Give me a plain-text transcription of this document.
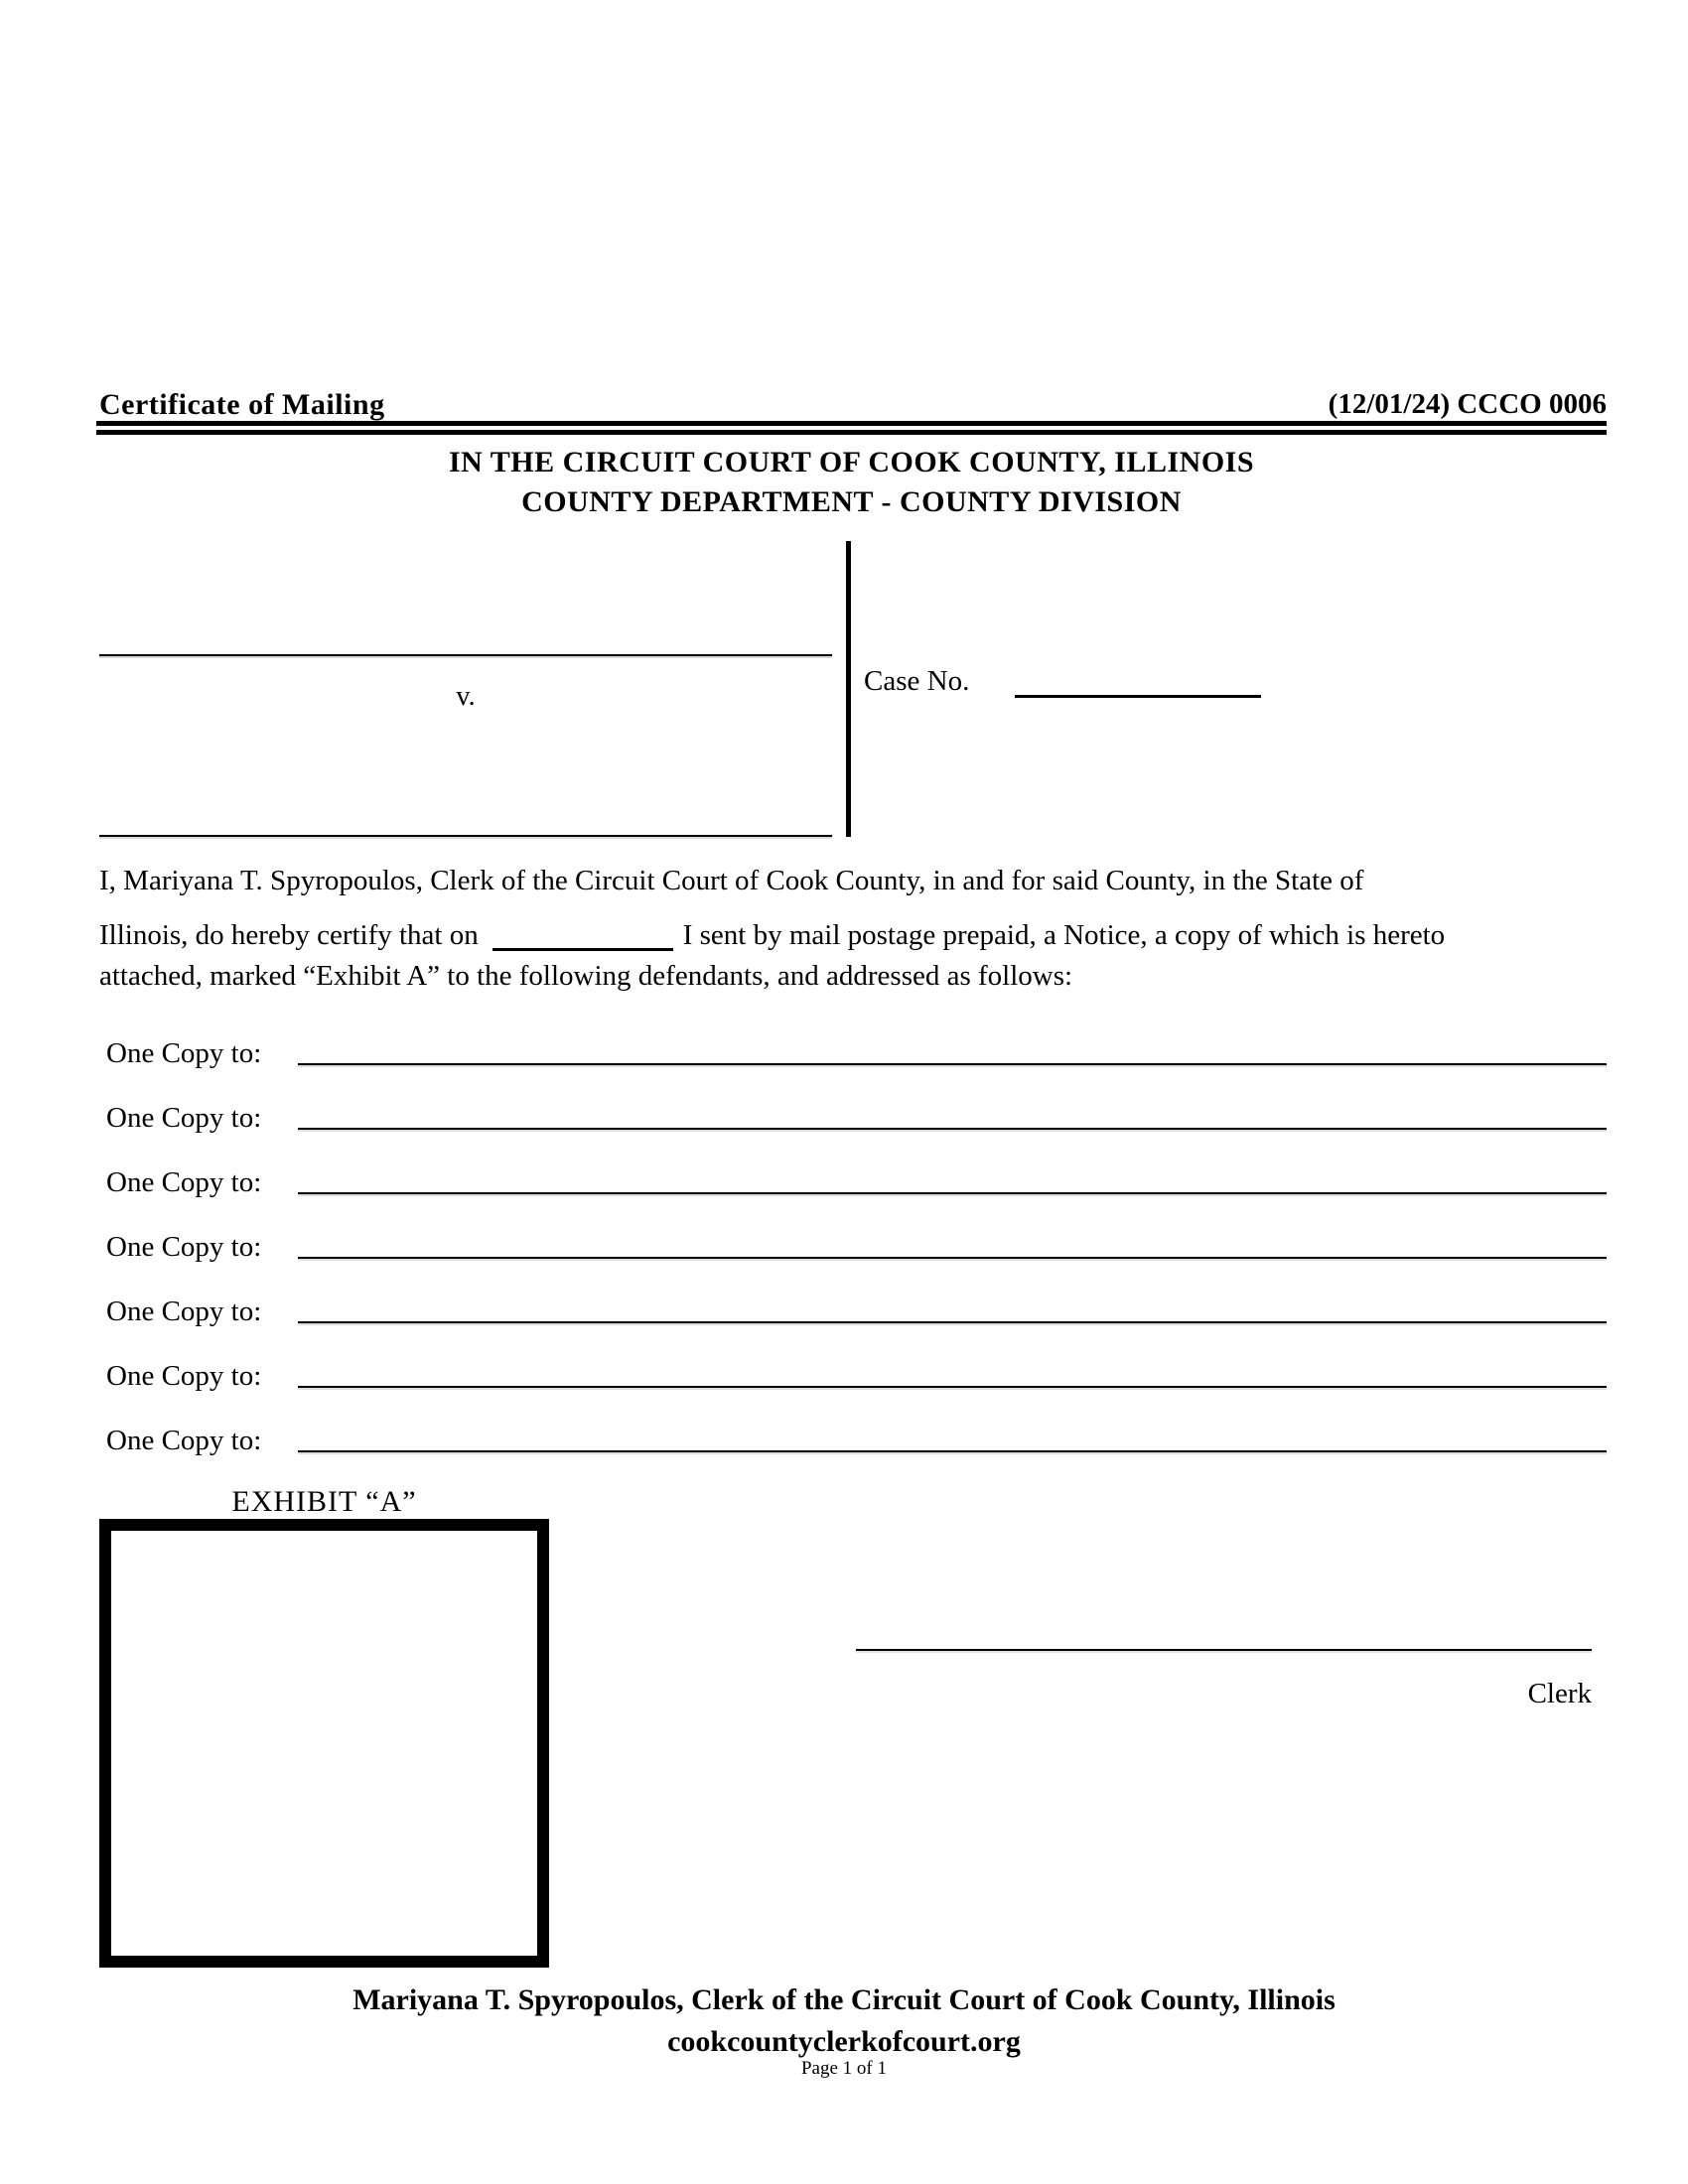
Certificate of Mailing	(12/01/24) CCCO 0006
IN THE CIRCUIT COURT OF COOK COUNTY, ILLINOIS
COUNTY DEPARTMENT - COUNTY DIVISION
v.	Case No.
I, Mariyana T. Spyropoulos, Clerk of the Circuit Court of Cook County, in and for said County, in the State of
Illinois, do hereby certify that on	I sent by mail postage prepaid, a Notice, a copy of which is hereto
attached, marked “Exhibit A” to the following defendants, and addressed as follows:
One Copy to:
One Copy to:
One Copy to:
One Copy to:
One Copy to:
One Copy to:
One Copy to:
EXHIBIT “A”
Clerk
Mariyana T. Spyropoulos, Clerk of the Circuit Court of Cook County, Illinois
cookcountyclerkofcourt.org
Page 1 of 1
